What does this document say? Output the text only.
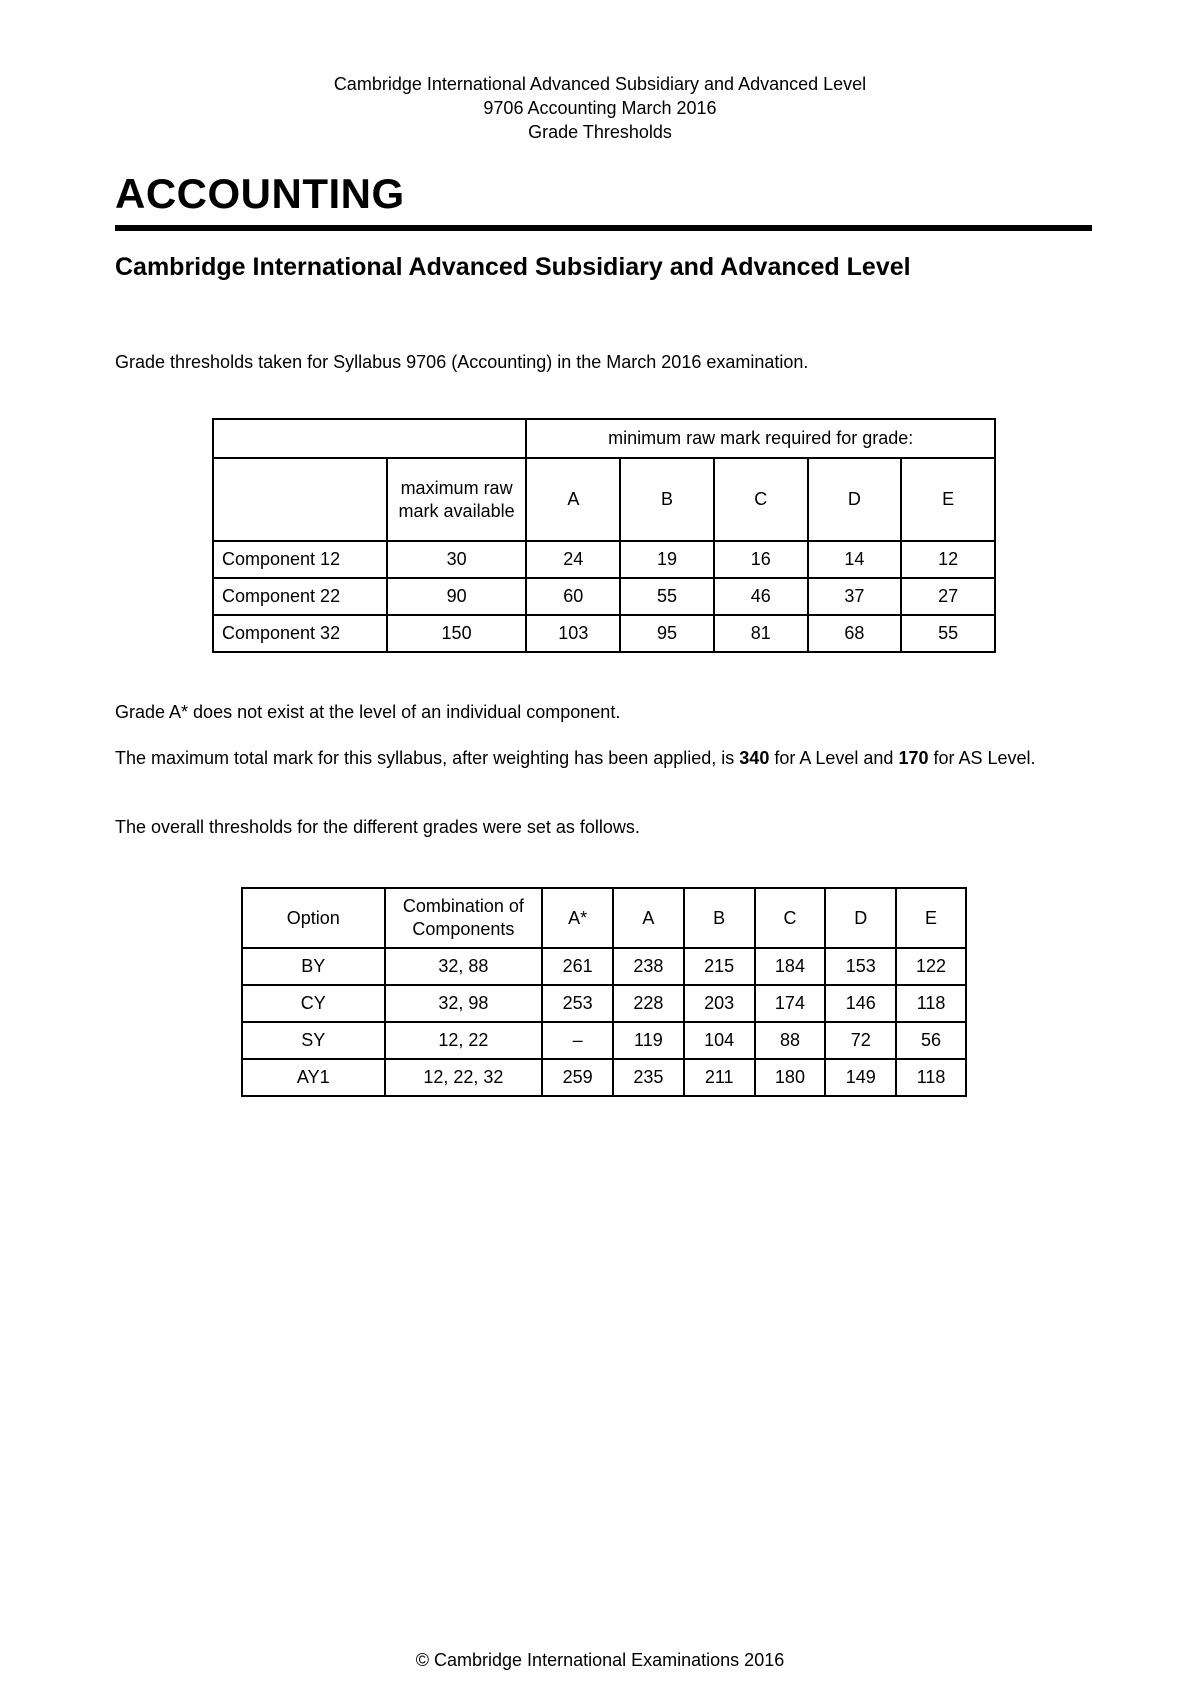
Cambridge International Advanced Subsidiary and Advanced Level
9706 Accounting March 2016
Grade Thresholds
ACCOUNTING
Cambridge International Advanced Subsidiary and Advanced Level
Grade thresholds taken for Syllabus 9706 (Accounting) in the March 2016 examination.
		minimum raw mark required for grade:				
	maximum raw mark available	A	B	C	D	E
Component 12	30	24	19	16	14	12
Component 22	90	60	55	46	37	27
Component 32	150	103	95	81	68	55
Grade A* does not exist at the level of an individual component.
The maximum total mark for this syllabus, after weighting has been applied, is 340 for A Level and 170 for AS Level.
The overall thresholds for the different grades were set as follows.
Option	Combination of Components	A*	A	B	C	D	E
BY	32, 88	261	238	215	184	153	122
CY	32, 98	253	228	203	174	146	118
SY	12, 22	–	119	104	88	72	56
AY1	12, 22, 32	259	235	211	180	149	118
© Cambridge International Examinations 2016
